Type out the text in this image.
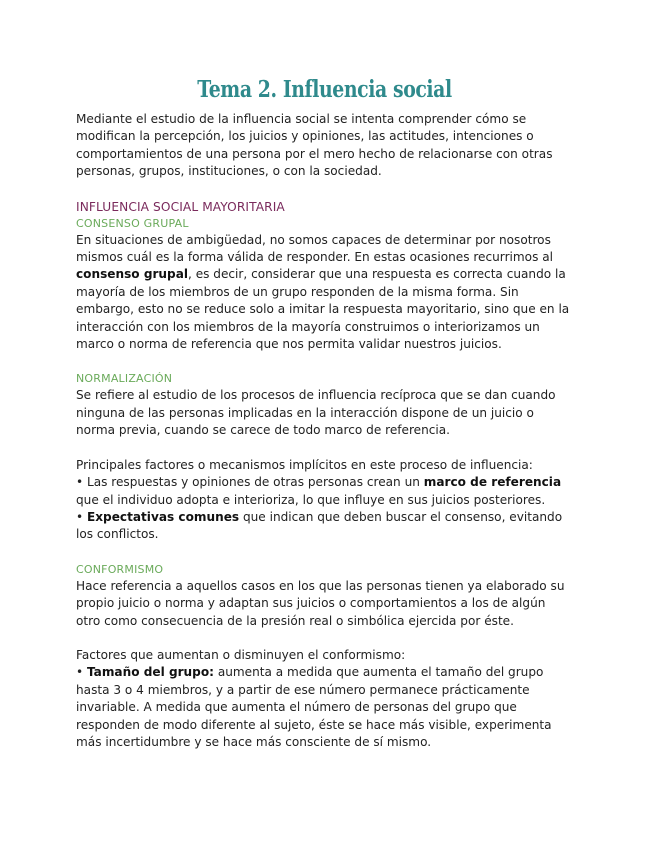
Tema 2. Influencia social

Mediante el estudio de la influencia social se intenta comprender cómo se modifican la percepción, los juicios y opiniones, las actitudes, intenciones o comportamientos de una persona por el mero hecho de relacionarse con otras personas, grupos, instituciones, o con la sociedad.

INFLUENCIA SOCIAL MAYORITARIA
CONSENSO GRUPAL

En situaciones de ambigüedad, no somos capaces de determinar por nosotros mismos cuál es la forma válida de responder. En estas ocasiones recurrimos al consenso grupal, es decir, considerar que una respuesta es correcta cuando la mayoría de los miembros de un grupo responden de la misma forma. Sin embargo, esto no se reduce solo a imitar la respuesta mayoritario, sino que en la interacción con los miembros de la mayoría construimos o interiorizamos un marco o norma de referencia que nos permita validar nuestros juicios.

NORMALIZACIÓN

Se refiere al estudio de los procesos de influencia recíproca que se dan cuando ninguna de las personas implicadas en la interacción dispone de un juicio o norma previa, cuando se carece de todo marco de referencia.

Principales factores o mecanismos implícitos en este proceso de influencia:

• Las respuestas y opiniones de otras personas crean un marco de referencia que el individuo adopta e interioriza, lo que influye en sus juicios posteriores.

• Expectativas comunes que indican que deben buscar el consenso, evitando los conflictos.

CONFORMISMO

Hace referencia a aquellos casos en los que las personas tienen ya elaborado su propio juicio o norma y adaptan sus juicios o comportamientos a los de algún otro como consecuencia de la presión real o simbólica ejercida por éste.

Factores que aumentan o disminuyen el conformismo:

• Tamaño del grupo: aumenta a medida que aumenta el tamaño del grupo hasta 3 o 4 miembros, y a partir de ese número permanece prácticamente invariable. A medida que aumenta el número de personas del grupo que responden de modo diferente al sujeto, éste se hace más visible, experimenta más incertidumbre y se hace más consciente de sí mismo.
